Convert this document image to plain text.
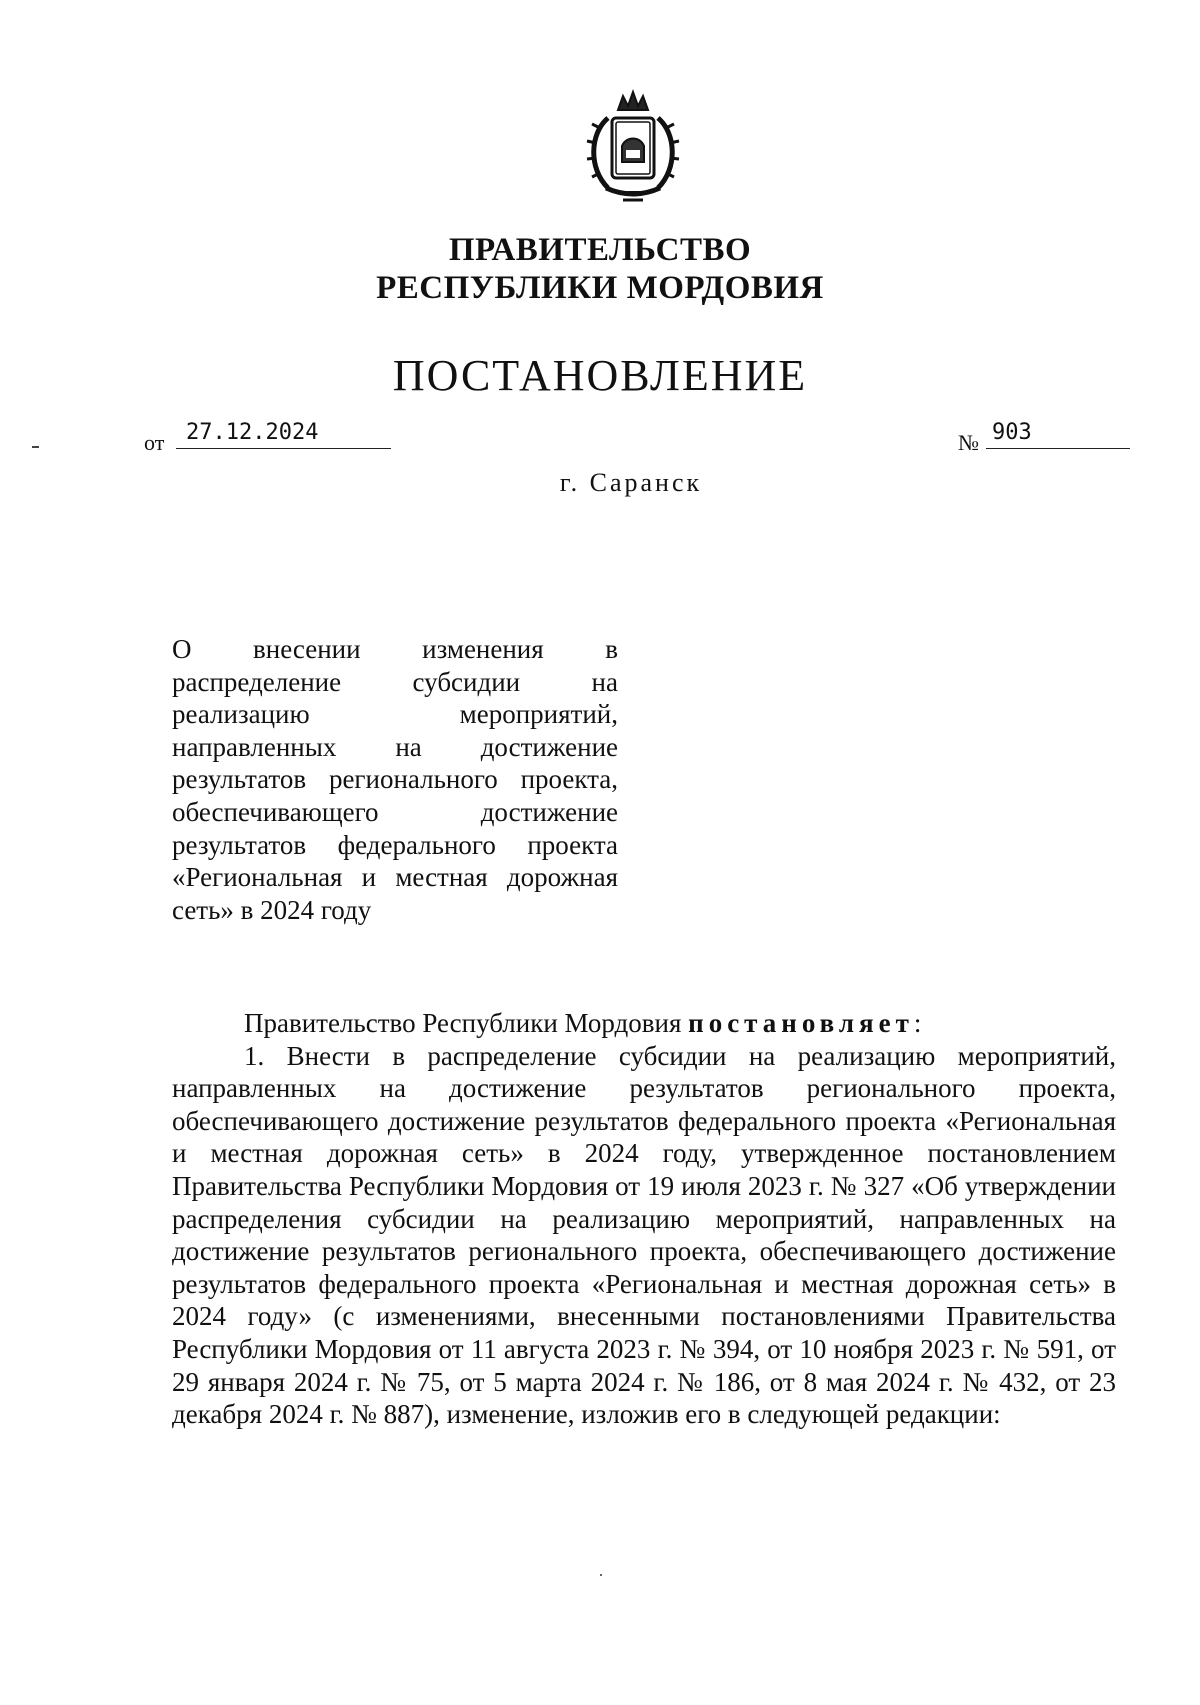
ПРАВИТЕЛЬСТВО
РЕСПУБЛИКИ МОРДОВИЯ
ПОСТАНОВЛЕНИЕ
от 27.12.2024	№ 903
г. Саранск
О внесении изменения в распределение субсидии на реализацию мероприятий, направленных на достижение результатов регионального проекта, обеспечивающего достижение результатов федерального проекта «Региональная и местная дорожная сеть» в 2024 году

Правительство Республики Мордовия постановляет:

1. Внести в распределение субсидии на реализацию мероприятий, направленных на достижение результатов регионального проекта, обеспечивающего достижение результатов федерального проекта «Региональная и местная дорожная сеть» в 2024 году, утвержденное постановлением Правительства Республики Мордовия от 19 июля 2023 г. № 327 «Об утверждении распределения субсидии на реализацию мероприятий, направленных на достижение результатов регионального проекта, обеспечивающего достижение результатов федерального проекта «Региональная и местная дорожная сеть» в 2024 году» (с изменениями, внесенными постановлениями Правительства Республики Мордовия от 11 августа 2023 г. № 394, от 10 ноября 2023 г. № 591, от 29 января 2024 г. № 75, от 5 марта 2024 г. № 186, от 8 мая 2024 г. № 432, от 23 декабря 2024 г. № 887), изменение, изложив его в следующей редакции:
